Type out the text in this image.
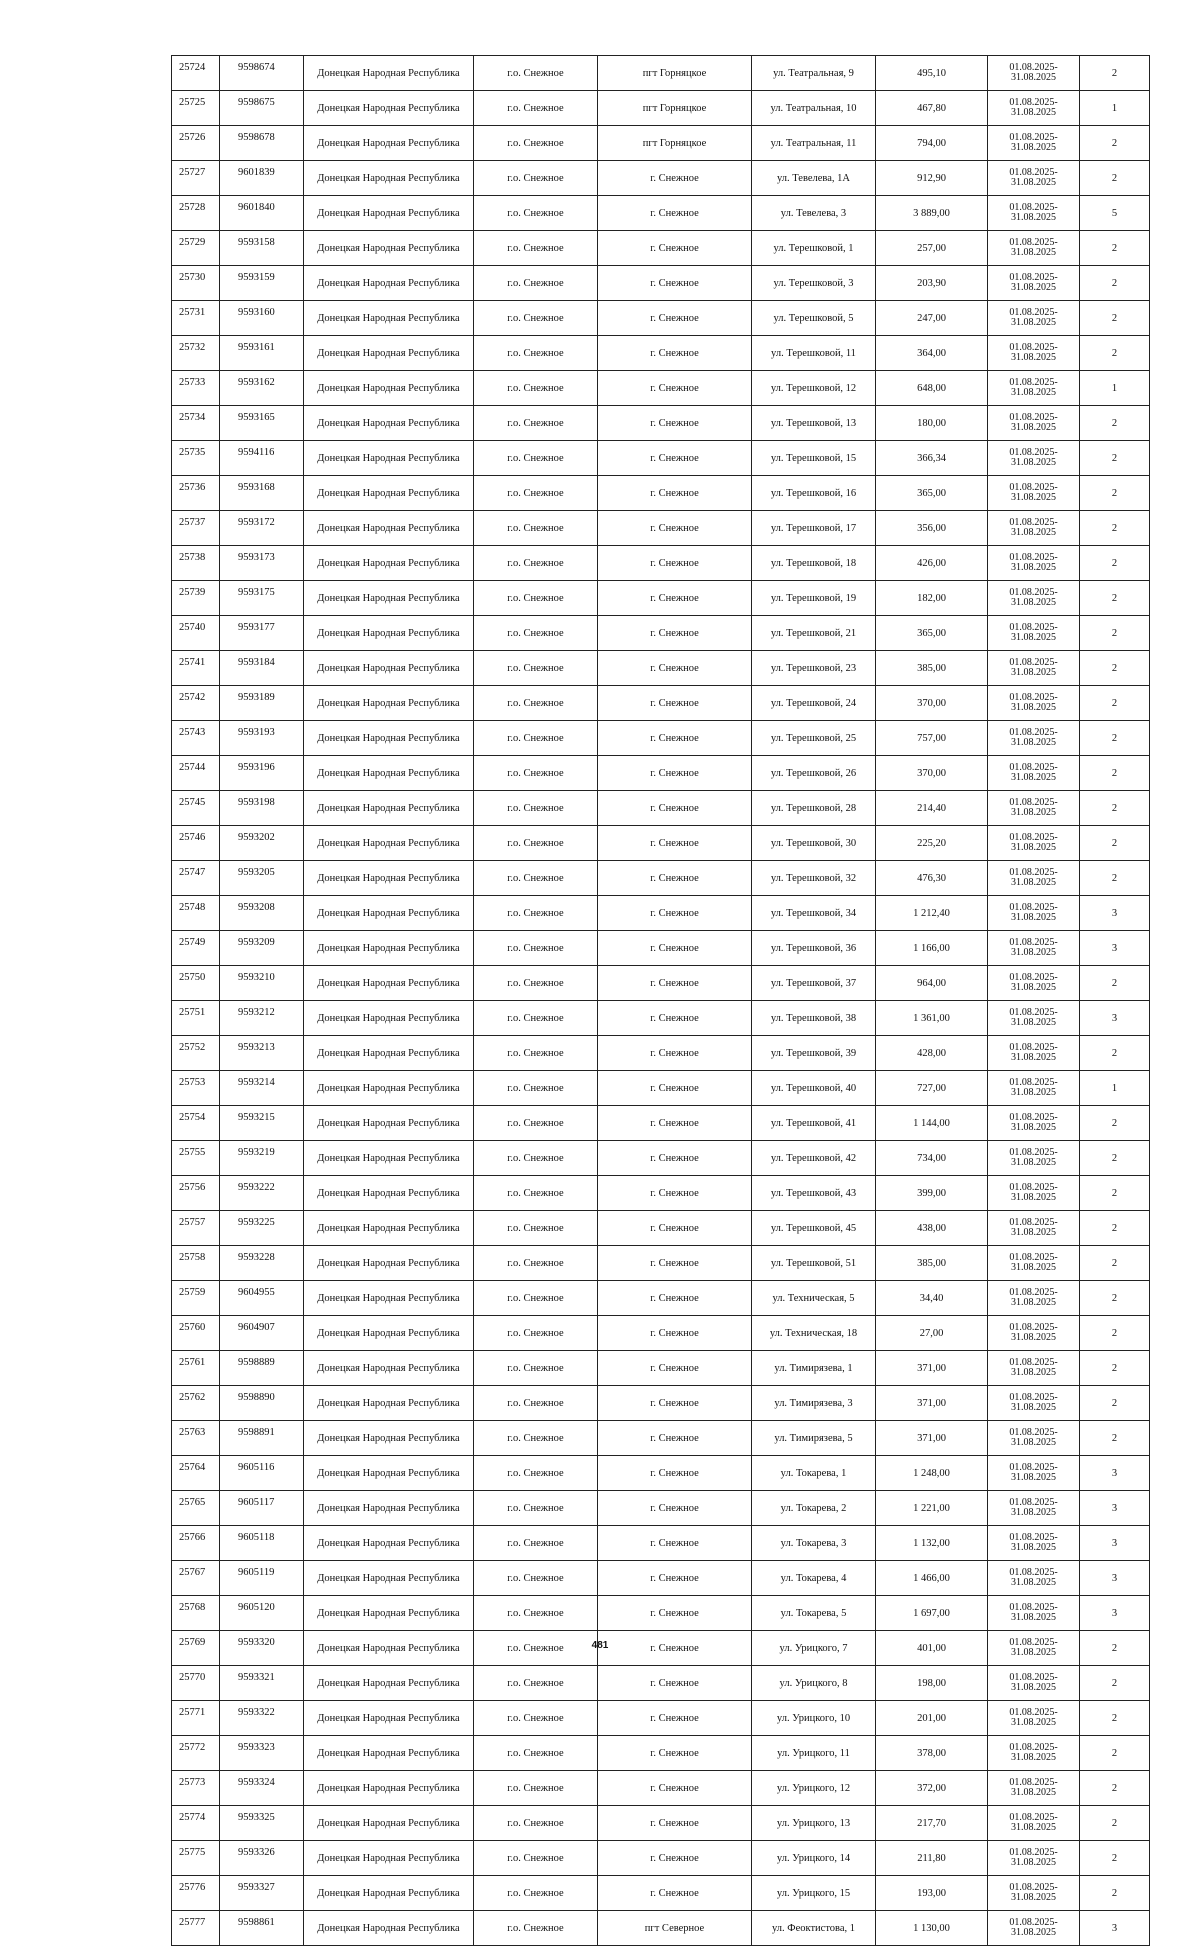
25724	9598674	Донецкая Народная Республика	г.о. Снежное	пгт Горняцкое	ул. Театральная, 9	495,10	01.08.2025-
31.08.2025	2
25725	9598675	Донецкая Народная Республика	г.о. Снежное	пгт Горняцкое	ул. Театральная, 10	467,80	01.08.2025-
31.08.2025	1
25726	9598678	Донецкая Народная Республика	г.о. Снежное	пгт Горняцкое	ул. Театральная, 11	794,00	01.08.2025-
31.08.2025	2
25727	9601839	Донецкая Народная Республика	г.о. Снежное	г. Снежное	ул. Тевелева, 1А	912,90	01.08.2025-
31.08.2025	2
25728	9601840	Донецкая Народная Республика	г.о. Снежное	г. Снежное	ул. Тевелева, 3	3 889,00	01.08.2025-
31.08.2025	5
25729	9593158	Донецкая Народная Республика	г.о. Снежное	г. Снежное	ул. Терешковой, 1	257,00	01.08.2025-
31.08.2025	2
25730	9593159	Донецкая Народная Республика	г.о. Снежное	г. Снежное	ул. Терешковой, 3	203,90	01.08.2025-
31.08.2025	2
25731	9593160	Донецкая Народная Республика	г.о. Снежное	г. Снежное	ул. Терешковой, 5	247,00	01.08.2025-
31.08.2025	2
25732	9593161	Донецкая Народная Республика	г.о. Снежное	г. Снежное	ул. Терешковой, 11	364,00	01.08.2025-
31.08.2025	2
25733	9593162	Донецкая Народная Республика	г.о. Снежное	г. Снежное	ул. Терешковой, 12	648,00	01.08.2025-
31.08.2025	1
25734	9593165	Донецкая Народная Республика	г.о. Снежное	г. Снежное	ул. Терешковой, 13	180,00	01.08.2025-
31.08.2025	2
25735	9594116	Донецкая Народная Республика	г.о. Снежное	г. Снежное	ул. Терешковой, 15	366,34	01.08.2025-
31.08.2025	2
25736	9593168	Донецкая Народная Республика	г.о. Снежное	г. Снежное	ул. Терешковой, 16	365,00	01.08.2025-
31.08.2025	2
25737	9593172	Донецкая Народная Республика	г.о. Снежное	г. Снежное	ул. Терешковой, 17	356,00	01.08.2025-
31.08.2025	2
25738	9593173	Донецкая Народная Республика	г.о. Снежное	г. Снежное	ул. Терешковой, 18	426,00	01.08.2025-
31.08.2025	2
25739	9593175	Донецкая Народная Республика	г.о. Снежное	г. Снежное	ул. Терешковой, 19	182,00	01.08.2025-
31.08.2025	2
25740	9593177	Донецкая Народная Республика	г.о. Снежное	г. Снежное	ул. Терешковой, 21	365,00	01.08.2025-
31.08.2025	2
25741	9593184	Донецкая Народная Республика	г.о. Снежное	г. Снежное	ул. Терешковой, 23	385,00	01.08.2025-
31.08.2025	2
25742	9593189	Донецкая Народная Республика	г.о. Снежное	г. Снежное	ул. Терешковой, 24	370,00	01.08.2025-
31.08.2025	2
25743	9593193	Донецкая Народная Республика	г.о. Снежное	г. Снежное	ул. Терешковой, 25	757,00	01.08.2025-
31.08.2025	2
25744	9593196	Донецкая Народная Республика	г.о. Снежное	г. Снежное	ул. Терешковой, 26	370,00	01.08.2025-
31.08.2025	2
25745	9593198	Донецкая Народная Республика	г.о. Снежное	г. Снежное	ул. Терешковой, 28	214,40	01.08.2025-
31.08.2025	2
25746	9593202	Донецкая Народная Республика	г.о. Снежное	г. Снежное	ул. Терешковой, 30	225,20	01.08.2025-
31.08.2025	2
25747	9593205	Донецкая Народная Республика	г.о. Снежное	г. Снежное	ул. Терешковой, 32	476,30	01.08.2025-
31.08.2025	2
25748	9593208	Донецкая Народная Республика	г.о. Снежное	г. Снежное	ул. Терешковой, 34	1 212,40	01.08.2025-
31.08.2025	3
25749	9593209	Донецкая Народная Республика	г.о. Снежное	г. Снежное	ул. Терешковой, 36	1 166,00	01.08.2025-
31.08.2025	3
25750	9593210	Донецкая Народная Республика	г.о. Снежное	г. Снежное	ул. Терешковой, 37	964,00	01.08.2025-
31.08.2025	2
25751	9593212	Донецкая Народная Республика	г.о. Снежное	г. Снежное	ул. Терешковой, 38	1 361,00	01.08.2025-
31.08.2025	3
25752	9593213	Донецкая Народная Республика	г.о. Снежное	г. Снежное	ул. Терешковой, 39	428,00	01.08.2025-
31.08.2025	2
25753	9593214	Донецкая Народная Республика	г.о. Снежное	г. Снежное	ул. Терешковой, 40	727,00	01.08.2025-
31.08.2025	1
25754	9593215	Донецкая Народная Республика	г.о. Снежное	г. Снежное	ул. Терешковой, 41	1 144,00	01.08.2025-
31.08.2025	2
25755	9593219	Донецкая Народная Республика	г.о. Снежное	г. Снежное	ул. Терешковой, 42	734,00	01.08.2025-
31.08.2025	2
25756	9593222	Донецкая Народная Республика	г.о. Снежное	г. Снежное	ул. Терешковой, 43	399,00	01.08.2025-
31.08.2025	2
25757	9593225	Донецкая Народная Республика	г.о. Снежное	г. Снежное	ул. Терешковой, 45	438,00	01.08.2025-
31.08.2025	2
25758	9593228	Донецкая Народная Республика	г.о. Снежное	г. Снежное	ул. Терешковой, 51	385,00	01.08.2025-
31.08.2025	2
25759	9604955	Донецкая Народная Республика	г.о. Снежное	г. Снежное	ул. Техническая, 5	34,40	01.08.2025-
31.08.2025	2
25760	9604907	Донецкая Народная Республика	г.о. Снежное	г. Снежное	ул. Техническая, 18	27,00	01.08.2025-
31.08.2025	2
25761	9598889	Донецкая Народная Республика	г.о. Снежное	г. Снежное	ул. Тимирязева, 1	371,00	01.08.2025-
31.08.2025	2
25762	9598890	Донецкая Народная Республика	г.о. Снежное	г. Снежное	ул. Тимирязева, 3	371,00	01.08.2025-
31.08.2025	2
25763	9598891	Донецкая Народная Республика	г.о. Снежное	г. Снежное	ул. Тимирязева, 5	371,00	01.08.2025-
31.08.2025	2
25764	9605116	Донецкая Народная Республика	г.о. Снежное	г. Снежное	ул. Токарева, 1	1 248,00	01.08.2025-
31.08.2025	3
25765	9605117	Донецкая Народная Республика	г.о. Снежное	г. Снежное	ул. Токарева, 2	1 221,00	01.08.2025-
31.08.2025	3
25766	9605118	Донецкая Народная Республика	г.о. Снежное	г. Снежное	ул. Токарева, 3	1 132,00	01.08.2025-
31.08.2025	3
25767	9605119	Донецкая Народная Республика	г.о. Снежное	г. Снежное	ул. Токарева, 4	1 466,00	01.08.2025-
31.08.2025	3
25768	9605120	Донецкая Народная Республика	г.о. Снежное	г. Снежное	ул. Токарева, 5	1 697,00	01.08.2025-
31.08.2025	3
25769	9593320	Донецкая Народная Республика	г.о. Снежное	г. Снежное	ул. Урицкого, 7	401,00	01.08.2025-
31.08.2025	2
25770	9593321	Донецкая Народная Республика	г.о. Снежное	г. Снежное	ул. Урицкого, 8	198,00	01.08.2025-
31.08.2025	2
25771	9593322	Донецкая Народная Республика	г.о. Снежное	г. Снежное	ул. Урицкого, 10	201,00	01.08.2025-
31.08.2025	2
25772	9593323	Донецкая Народная Республика	г.о. Снежное	г. Снежное	ул. Урицкого, 11	378,00	01.08.2025-
31.08.2025	2
25773	9593324	Донецкая Народная Республика	г.о. Снежное	г. Снежное	ул. Урицкого, 12	372,00	01.08.2025-
31.08.2025	2
25774	9593325	Донецкая Народная Республика	г.о. Снежное	г. Снежное	ул. Урицкого, 13	217,70	01.08.2025-
31.08.2025	2
25775	9593326	Донецкая Народная Республика	г.о. Снежное	г. Снежное	ул. Урицкого, 14	211,80	01.08.2025-
31.08.2025	2
25776	9593327	Донецкая Народная Республика	г.о. Снежное	г. Снежное	ул. Урицкого, 15	193,00	01.08.2025-
31.08.2025	2
25777	9598861	Донецкая Народная Республика	г.о. Снежное	пгт Северное	ул. Феоктистова, 1	1 130,00	01.08.2025-
31.08.2025	3
481
